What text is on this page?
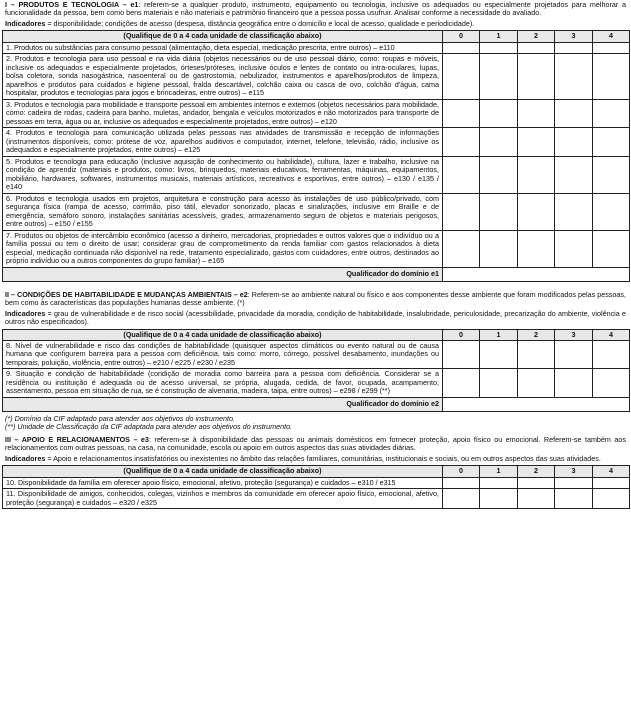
I – PRODUTOS E TECNOLOGIA – e1: referem-se a qualquer produto, instrumento, equipamento ou tecnologia, inclusive os adequados ou especialmente projetados para melhorar a funcionalidade da pessoa, bem como bens materiais e não materiais e patrimônio financeiro que a pessoa possa usufruir. Analisar conforme a necessidade do avaliado.

Indicadores = disponibilidade; condições de acesso (despesa, distância geográfica entre o domicílio e local de acesso, qualidade e periodicidade).

(Qualifique de 0 a 4 cada unidade de classificação abaixo)	0	1	2	3	4
1. Produtos ou substâncias para consumo pessoal (alimentação, dieta especial, medicação prescrita, entre outros) – e110					
2. Produtos e tecnologia para uso pessoal e na vida diária (objetos necessários ou de uso pessoal diário, como: roupas e móveis, inclusive os adequados e especialmente projetados, órteses/próteses, inclusive óculos e lentes de contato ou intra-oculares, lupas, bolsa coletora, sonda nasogástrica, nasoenteral ou de gastrostomia, nebulizador, instrumentos e aparelhos/produtos de limpeza, aparelhos e produtos para cuidados e higiene pessoal, fralda descartável, colchão caixa ou casca de ovo, colchão d'água, cama hospitalar, produtos e tecnologias para jogos e brincadeiras, entre outros) – e115					
3. Produtos e tecnologia para mobilidade e transporte pessoal em ambientes internos e externos (objetos necessários para mobilidade, como: cadeira de rodas, cadeira para banho, muletas, andador, bengala e veículos motorizados e não motorizados para transporte de pessoas em terra, água ou ar, inclusive os adequados e especialmente projetados, entre outros) – e120					
4. Produtos e tecnologia para comunicação utilizada pelas pessoas nas atividades de transmissão e recepção de informações (instrumentos disponíveis, como: prótese de voz, aparelhos auditivos e computador, internet, telefone, televisão, rádio, inclusive os adequados e especialmente projetados, entre outros) – e125					
5. Produtos e tecnologia para educação (inclusive aquisição de conhecimento ou habilidade), cultura, lazer e trabalho, inclusive na condição de aprendiz (materiais e produtos, como: livros, brinquedos, materiais educativos, ferramentas, máquinas, equipamentos, mobiliário, hardwares, softwares, instrumentos musicais, materiais artísticos, recreativos e esportivos, entre outros) – e130 / e135 / e140					
6. Produtos e tecnologia usados em projetos, arquitetura e construção para acesso às instalações de uso público/privado, com segurança física (rampa de acesso, corrimão, piso tátil, elevador sonorizado, placas e sinalizações, inclusive em Braille e de emergência, semáforo sonoro, instalações sanitárias acessíveis, grades, armazenamento seguro de objetos e materiais perigosos, entre outros) – e150 / e155					
7. Produtos ou objetos de intercâmbio econômico (acesso a dinheiro, mercadorias, propriedades e outros valores que o indivíduo ou a família possui ou tem o direito de usar; considerar grau de comprometimento da renda familiar com gastos relacionados à dieta especial, medicação continuada não disponível na rede, tratamento especializado, gastos com cuidadores, entre outros, destinados ao próprio indivíduo ou a outros componentes do grupo familiar) – e165					
Qualificador do domínio e1					

II – CONDIÇÕES DE HABITABILIDADE E MUDANÇAS AMBIENTAIS – e2: Referem-se ao ambiente natural ou físico e aos componentes desse ambiente que foram modificados pelas pessoas, bem como às características das populações humanas desse ambiente. (*)

Indicadores = grau de vulnerabilidade e de risco social (acessibilidade, privacidade da moradia, condição de habitabilidade, insalubridade, periculosidade, precarização do ambiente, violência e outros não especificados).

(Qualifique de 0 a 4 cada unidade de classificação abaixo)	0	1	2	3	4
8. Nível de vulnerabilidade e risco das condições de habitabilidade (quaisquer aspectos climáticos ou evento natural ou de causa humana que configurem barreira para a pessoa com deficiência, tais como: morro, córrego, possível desabamento, inundações ou temporais, poluição, violência, entre outros) – e210 / e225 / e230 / e235					
9. Situação e condição de habitabilidade (condição de moradia como barreira para a pessoa com deficiência. Considerar se a residência ou instituição é adequada ou de acesso universal, se própria, alugada, cedida, de favor, ocupada, acampamento, assentamento, pessoa em situação de rua, se é construção de alvenaria, madeira, taipa, entre outros) – e298 / e299 (**)					
Qualificador do domínio e2					
(*) Domínio da CIF adaptado para atender aos objetivos do instrumento.
(**) Unidade de Classificação da CIF adaptada para atender aos objetivos do instrumento.

III – APOIO E RELACIONAMENTOS – e3: referem-se à disponibilidade das pessoas ou animais domésticos em fornecer proteção, apoio físico ou emocional. Referem-se também aos relacionamentos com outras pessoas, na casa, na comunidade, escola ou apoio em outros aspectos das suas atividades diárias.

Indicadores = Apoio e relacionamentos insatisfatórios ou inexistentes no âmbito das relações familiares, comunitárias, institucionais e sociais, ou em outros aspectos das suas atividades.

(Qualifique de 0 a 4 cada unidade de classificação abaixo)	0	1	2	3	4
10. Disponibilidade da família em oferecer apoio físico, emocional, afetivo, proteção (segurança) e cuidados – e310 / e315					
11. Disponibilidade de amigos, conhecidos, colegas, vizinhos e membros da comunidade em oferecer apoio físico, emocional, afetivo, proteção (segurança) e cuidados – e320 / e325					
